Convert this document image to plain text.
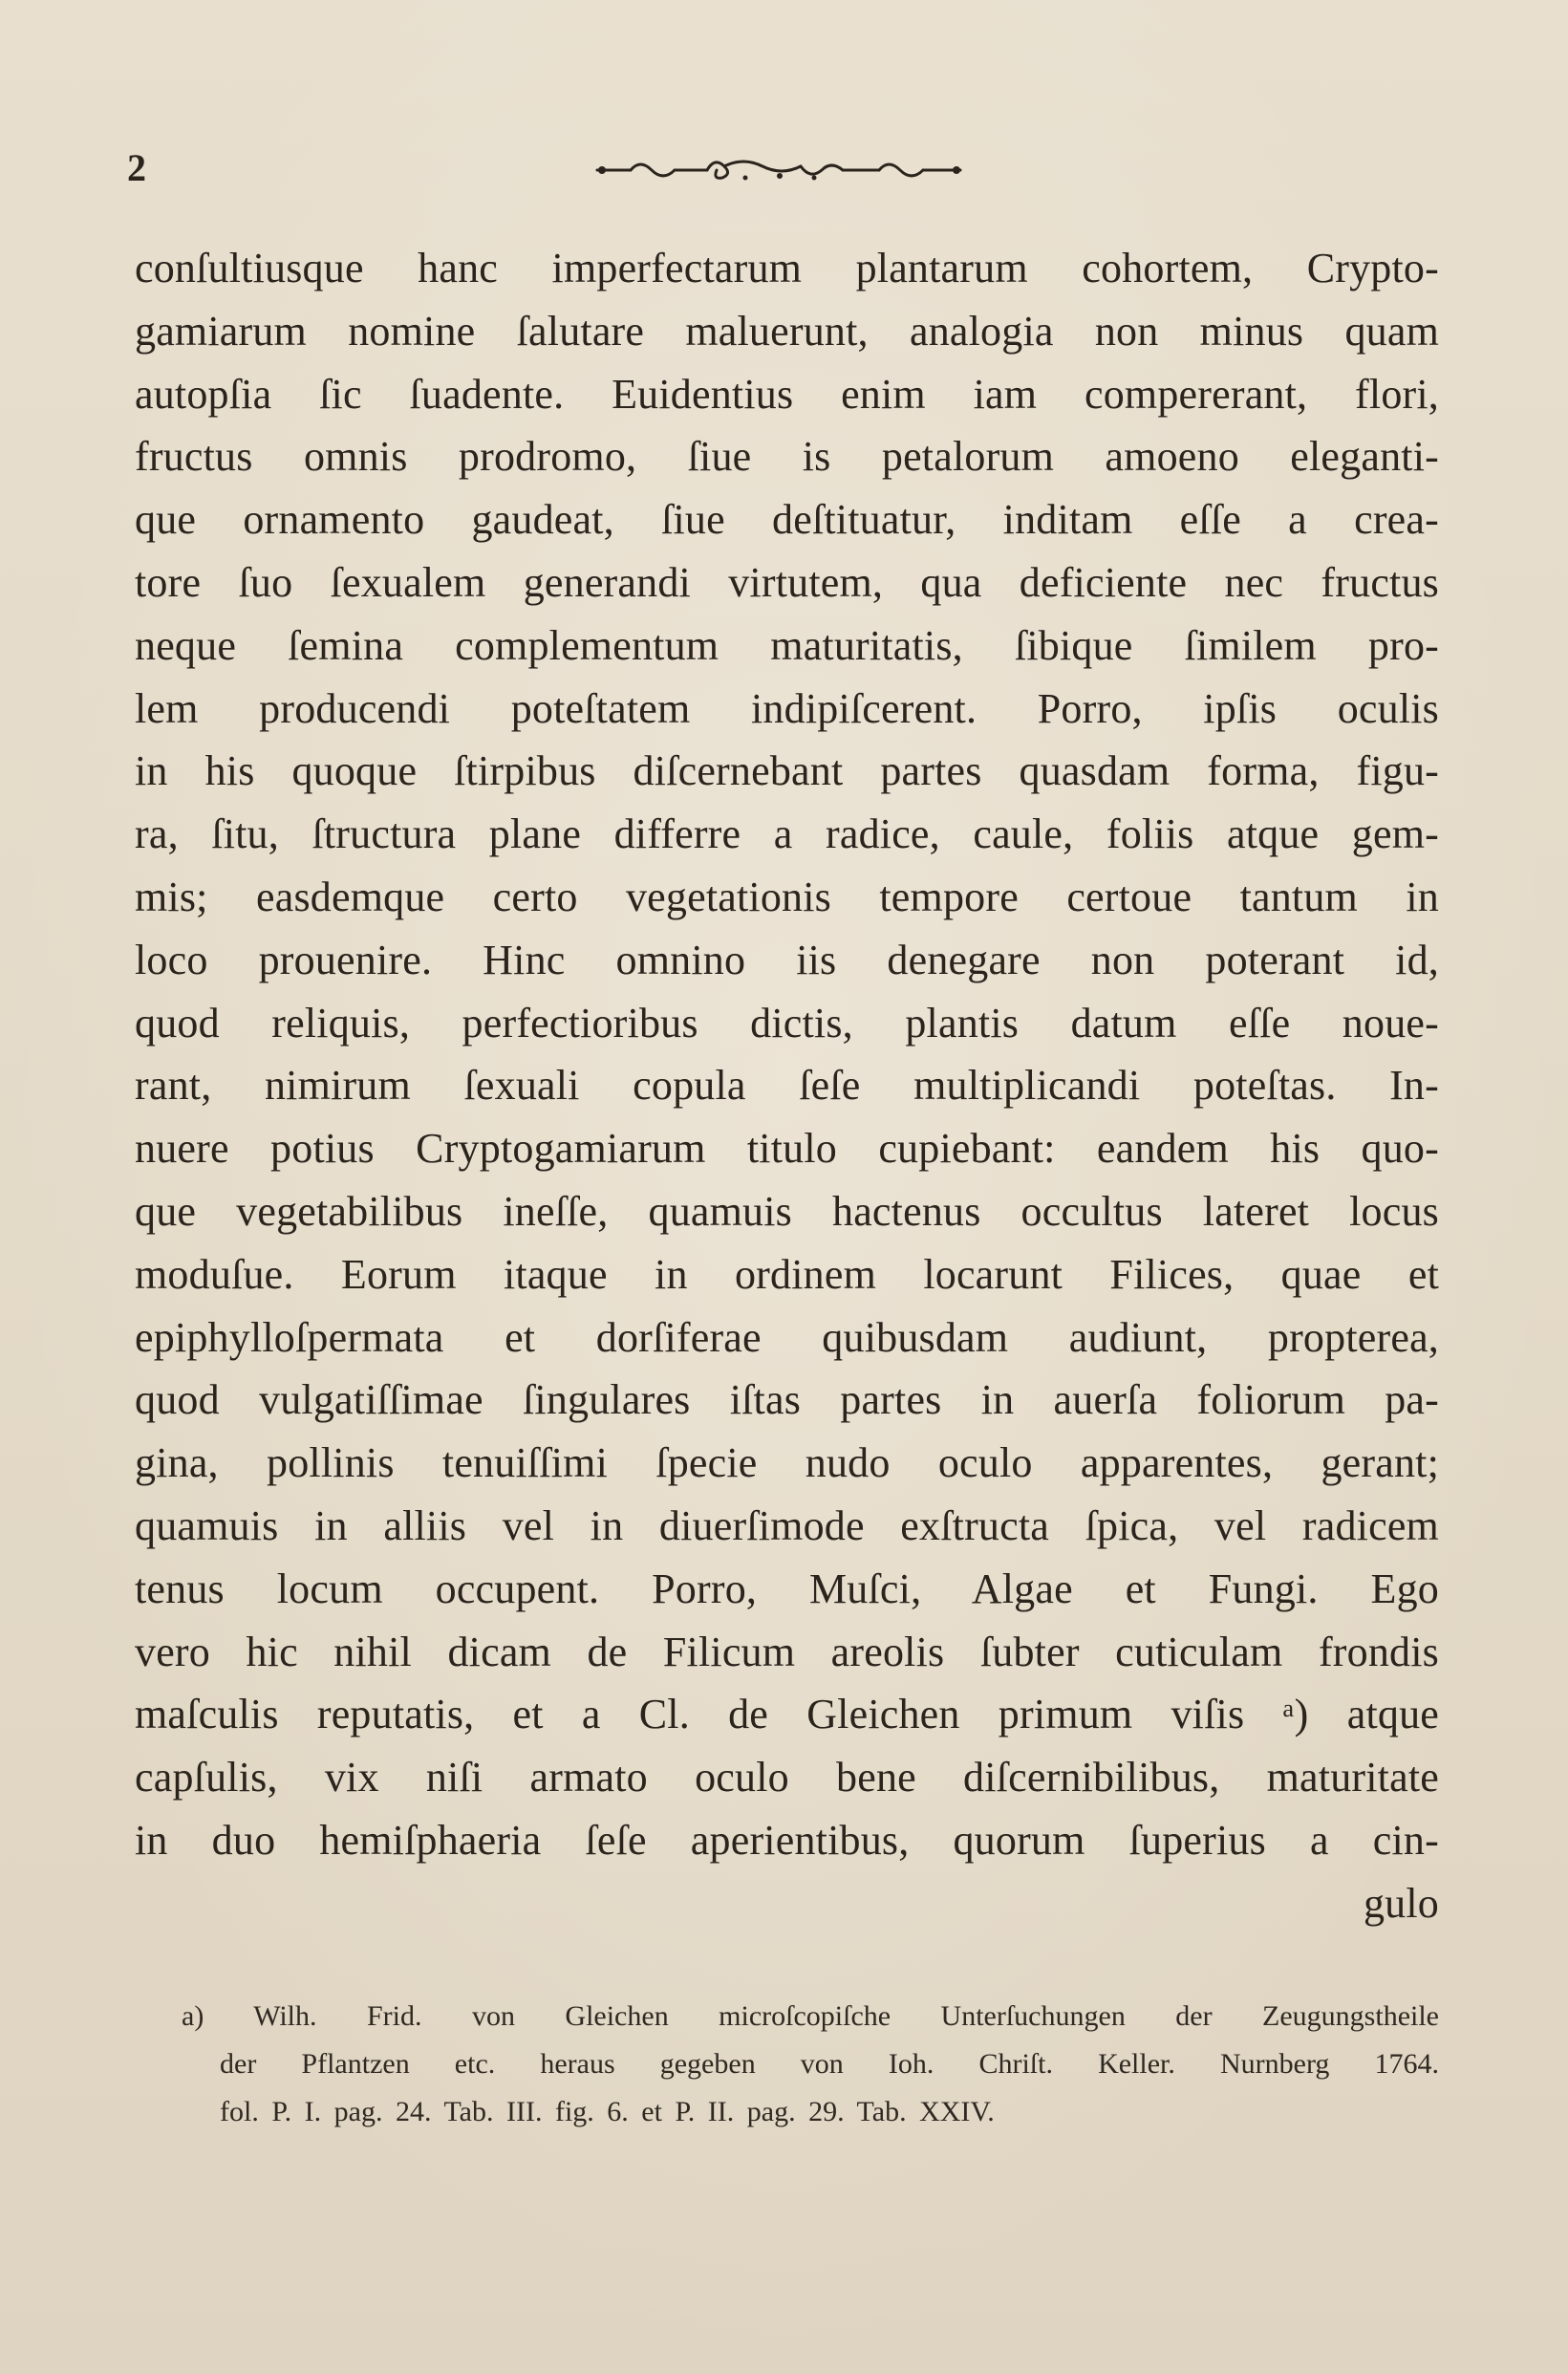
2
conſultiusque hanc imperfectarum plantarum cohortem, Crypto-
gamiarum nomine ſalutare maluerunt, analogia non minus quam
autopſia ſic ſuadente. Euidentius enim iam compererant, flori,
fructus omnis prodromo, ſiue is petalorum amoeno eleganti-
que ornamento gaudeat, ſiue deſtituatur, inditam eſſe a crea-
tore ſuo ſexualem generandi virtutem, qua deficiente nec fructus
neque ſemina complementum maturitatis, ſibique ſimilem pro-
lem producendi poteſtatem indipiſcerent. Porro, ipſis oculis
in his quoque ſtirpibus diſcernebant partes quasdam forma, figu-
ra, ſitu, ſtructura plane differre a radice, caule, foliis atque gem-
mis; easdemque certo vegetationis tempore certoue tantum in
loco prouenire. Hinc omnino iis denegare non poterant id,
quod reliquis, perfectioribus dictis, plantis datum eſſe noue-
rant, nimirum ſexuali copula ſeſe multiplicandi poteſtas. In-
nuere potius Cryptogamiarum titulo cupiebant: eandem his quo-
que vegetabilibus ineſſe, quamuis hactenus occultus lateret locus
moduſue. Eorum itaque in ordinem locarunt Filices, quae et
epiphylloſpermata et dorſiferae quibusdam audiunt, propterea,
quod vulgatiſſimae ſingulares iſtas partes in auerſa foliorum pa-
gina, pollinis tenuiſſimi ſpecie nudo oculo apparentes, gerant;
quamuis in alliis vel in diuerſimode exſtructa ſpica, vel radicem
tenus locum occupent. Porro, Muſci, Algae et Fungi. Ego
vero hic nihil dicam de Filicum areolis ſubter cuticulam frondis
maſculis reputatis, et a Cl. de Gleichen primum viſis ᵃ) atque
capſulis, vix niſi armato oculo bene diſcernibilibus, maturitate
in duo hemiſphaeria ſeſe aperientibus, quorum ſuperius a cin-
gulo
a) Wilh. Frid. von Gleichen microſcopiſche Unterſuchungen der Zeugungstheile
der Pflantzen etc. heraus gegeben von Ioh. Chriſt. Keller. Nurnberg 1764.
fol. P. I. pag. 24. Tab. III. fig. 6. et P. II. pag. 29. Tab. XXIV.
